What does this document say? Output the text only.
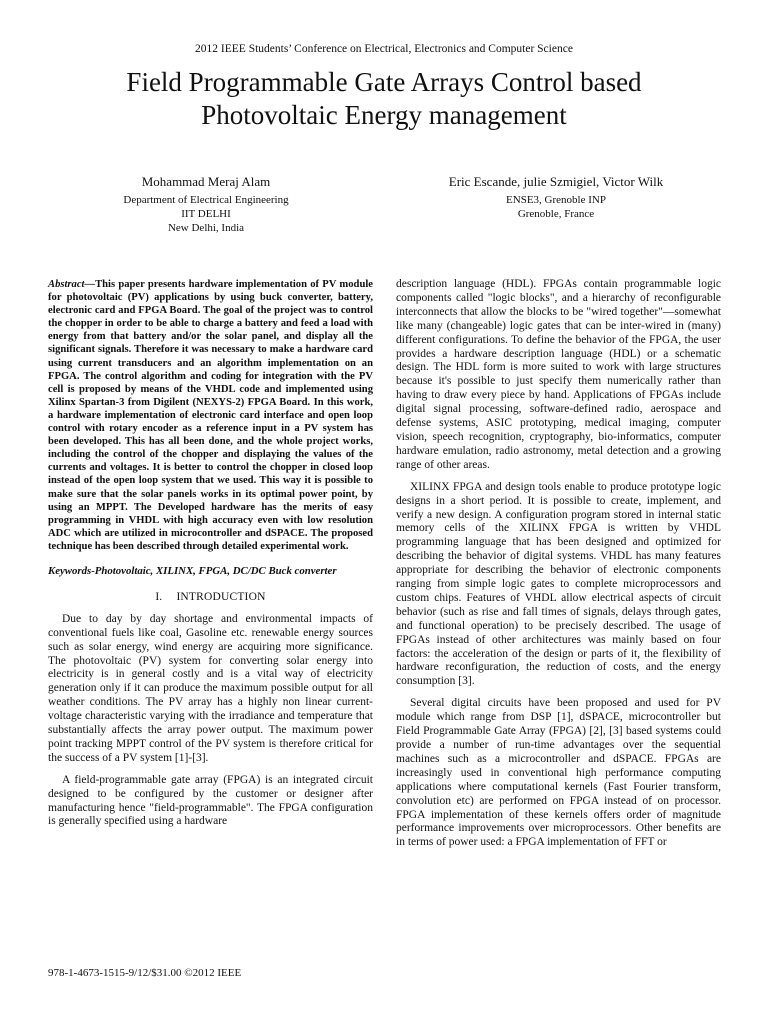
2012 IEEE Students’ Conference on Electrical, Electronics and Computer Science
Field Programmable Gate Arrays Control based
Photovoltaic Energy management
Mohammad Meraj Alam
Department of Electrical Engineering
IIT DELHI
New Delhi, India
Eric Escande, julie Szmigiel, Victor Wilk
ENSE3, Grenoble INP
Grenoble, France

Abstract—This paper presents hardware implementation of PV module for photovoltaic (PV) applications by using buck converter, battery, electronic card and FPGA Board. The goal of the project was to control the chopper in order to be able to charge a battery and feed a load with energy from that battery and/or the solar panel, and display all the significant signals. Therefore it was necessary to make a hardware card using current transducers and an algorithm implementation on an FPGA. The control algorithm and coding for integration with the PV cell is proposed by means of the VHDL code and implemented using Xilinx Spartan-3 from Digilent (NEXYS-2) FPGA Board. In this work, a hardware implementation of electronic card interface and open loop control with rotary encoder as a reference input in a PV system has been developed. This has all been done, and the whole project works, including the control of the chopper and displaying the values of the currents and voltages. It is better to control the chopper in closed loop instead of the open loop system that we used. This way it is possible to make sure that the solar panels works in its optimal power point, by using an MPPT. The Developed hardware has the merits of easy programming in VHDL with high accuracy even with low resolution ADC which are utilized in microcontroller and dSPACE. The proposed technique has been described through detailed experimental work.

Keywords-Photovoltaic, XILINX, FPGA, DC/DC Buck converter

I. INTRODUCTION

Due to day by day shortage and environmental impacts of conventional fuels like coal, Gasoline etc. renewable energy sources such as solar energy, wind energy are acquiring more significance. The photovoltaic (PV) system for converting solar energy into electricity is in general costly and is a vital way of electricity generation only if it can produce the maximum possible output for all weather conditions. The PV array has a highly non linear current-voltage characteristic varying with the irradiance and temperature that substantially affects the array power output. The maximum power point tracking MPPT control of the PV system is therefore critical for the success of a PV system [1]-[3].

A field-programmable gate array (FPGA) is an integrated circuit designed to be configured by the customer or designer after manufacturing hence "field-programmable". The FPGA configuration is generally specified using a hardware

description language (HDL). FPGAs contain programmable logic components called "logic blocks", and a hierarchy of reconfigurable interconnects that allow the blocks to be "wired together"—somewhat like many (changeable) logic gates that can be inter-wired in (many) different configurations. To define the behavior of the FPGA, the user provides a hardware description language (HDL) or a schematic design. The HDL form is more suited to work with large structures because it's possible to just specify them numerically rather than having to draw every piece by hand. Applications of FPGAs include digital signal processing, software-defined radio, aerospace and defense systems, ASIC prototyping, medical imaging, computer vision, speech recognition, cryptography, bio-informatics, computer hardware emulation, radio astronomy, metal detection and a growing range of other areas.

XILINX FPGA and design tools enable to produce prototype logic designs in a short period. It is possible to create, implement, and verify a new design. A configuration program stored in internal static memory cells of the XILINX FPGA is written by VHDL programming language that has been designed and optimized for describing the behavior of digital systems. VHDL has many features appropriate for describing the behavior of electronic components ranging from simple logic gates to complete microprocessors and custom chips. Features of VHDL allow electrical aspects of circuit behavior (such as rise and fall times of signals, delays through gates, and functional operation) to be precisely described. The usage of FPGAs instead of other architectures was mainly based on four factors: the acceleration of the design or parts of it, the flexibility of hardware reconfiguration, the reduction of costs, and the energy consumption [3].

Several digital circuits have been proposed and used for PV module which range from DSP [1], dSPACE, microcontroller but Field Programmable Gate Array (FPGA) [2], [3] based systems could provide a number of run-time advantages over the sequential machines such as a microcontroller and dSPACE. FPGAs are increasingly used in conventional high performance computing applications where computational kernels (Fast Fourier transform, convolution etc) are performed on FPGA instead of on processor. FPGA implementation of these kernels offers order of magnitude performance improvements over microprocessors. Other benefits are in terms of power used: a FPGA implementation of FFT or

978-1-4673-1515-9/12/$31.00 ©2012 IEEE
